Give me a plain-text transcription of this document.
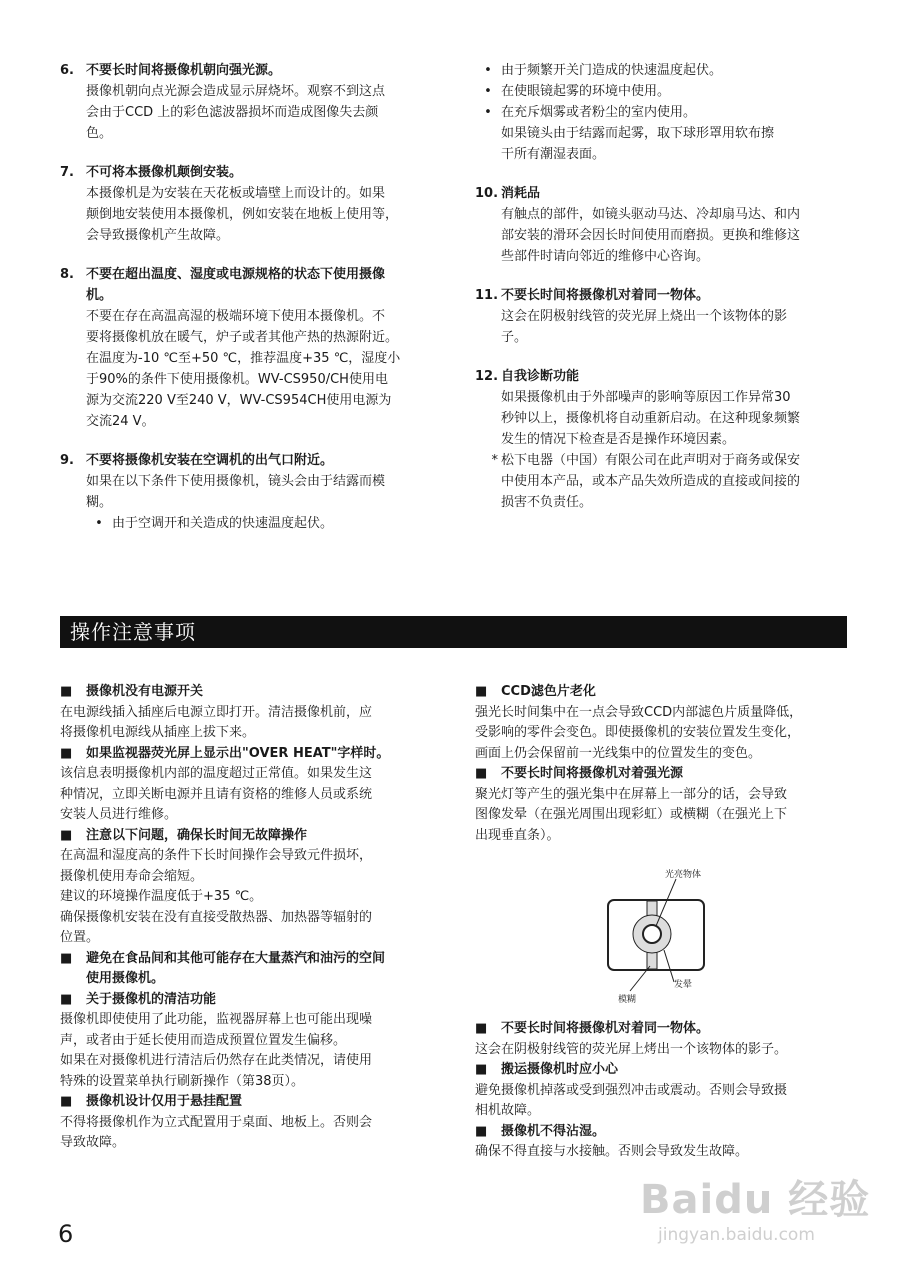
6. 不要长时间将摄像机朝向强光源。
摄像机朝向点光源会造成显示屏烧坏。观察不到这点
会由于CCD 上的彩色滤波器损坏而造成图像失去颜
色。
7. 不可将本摄像机颠倒安装。
本摄像机是为安装在天花板或墙壁上而设计的。如果
颠倒地安装使用本摄像机，例如安装在地板上使用等，
会导致摄像机产生故障。
8. 不要在超出温度、湿度或电源规格的状态下使用摄像
机。
不要在存在高温高湿的极端环境下使用本摄像机。不
要将摄像机放在暖气，炉子或者其他产热的热源附近。
在温度为-10 ℃至+50 ℃，推荐温度+35 ℃，湿度小
于90%的条件下使用摄像机。WV-CS950/CH使用电
源为交流220 V至240 V，WV-CS954CH使用电源为
交流24 V。
9. 不要将摄像机安装在空调机的出气口附近。
如果在以下条件下使用摄像机，镜头会由于结露而模
糊。
• 由于空调开和关造成的快速温度起伏。
• 由于频繁开关门造成的快速温度起伏。
• 在使眼镜起雾的环境中使用。
• 在充斥烟雾或者粉尘的室内使用。
如果镜头由于结露而起雾，取下球形罩用软布擦
干所有潮湿表面。
10. 消耗品
有触点的部件，如镜头驱动马达、冷却扇马达、和内
部安装的滑环会因长时间使用而磨损。更换和维修这
些部件时请向邻近的维修中心咨询。
11. 不要长时间将摄像机对着同一物体。
这会在阴极射线管的荧光屏上烧出一个该物体的影
子。
12. 自我诊断功能
如果摄像机由于外部噪声的影响等原因工作异常30
秒钟以上，摄像机将自动重新启动。在这种现象频繁
发生的情况下检查是否是操作环境因素。
* 松下电器（中国）有限公司在此声明对于商务或保安
中使用本产品，或本产品失效所造成的直接或间接的
损害不负责任。
操作注意事项
■	摄像机没有电源开关
在电源线插入插座后电源立即打开。清洁摄像机前，应
将摄像机电源线从插座上拔下来。
■	如果监视器荧光屏上显示出"OVER HEAT"字样时。
该信息表明摄像机内部的温度超过正常值。如果发生这
种情况，立即关断电源并且请有资格的维修人员或系统
安装人员进行维修。
■	注意以下问题，确保长时间无故障操作
在高温和湿度高的条件下长时间操作会导致元件损坏，
摄像机使用寿命会缩短。
建议的环境操作温度低于+35 ℃。
确保摄像机安装在没有直接受散热器、加热器等辐射的
位置。
■	避免在食品间和其他可能存在大量蒸汽和油污的空间
使用摄像机。
■	关于摄像机的清洁功能
摄像机即使使用了此功能，监视器屏幕上也可能出现噪
声，或者由于延长使用而造成预置位置发生偏移。
如果在对摄像机进行清洁后仍然存在此类情况，请使用
特殊的设置菜单执行刷新操作（第38页）。
■	摄像机设计仅用于悬挂配置
不得将摄像机作为立式配置用于桌面、地板上。否则会
导致故障。
■	CCD滤色片老化
强光长时间集中在一点会导致CCD内部滤色片质量降低，
受影响的零件会变色。即使摄像机的安装位置发生变化，
画面上仍会保留前一光线集中的位置发生的变色。
■	不要长时间将摄像机对着强光源
聚光灯等产生的强光集中在屏幕上一部分的话，会导致
图像发晕（在强光周围出现彩虹）或横糊（在强光上下
出现垂直条）。
光亮物体
发晕
模糊
■	不要长时间将摄像机对着同一物体。
这会在阴极射线管的荧光屏上烤出一个该物体的影子。
■	搬运摄像机时应小心
避免摄像机掉落或受到强烈冲击或震动。否则会导致摄
相机故障。
■	摄像机不得沾湿。
确保不得直接与水接触。否则会导致发生故障。
6
Baidu 经验
jingyan.baidu.com
